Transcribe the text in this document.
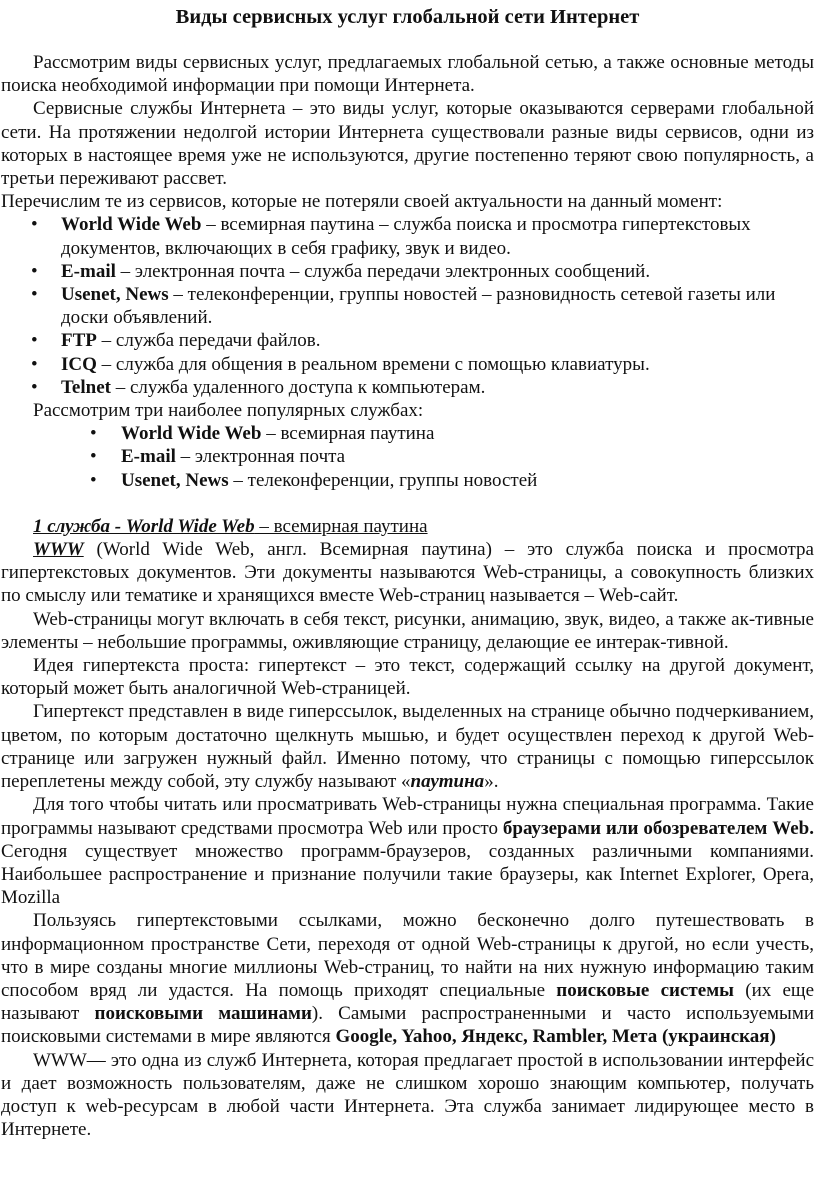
Виды сервисных услуг глобальной сети Интернет

Рассмотрим виды сервисных услуг, предлагаемых глобальной сетью, а также основные методы поиска необходимой информации при помощи Интернета.

Сервисные службы Интернета – это виды услуг, которые оказываются серверами глобальной сети. На протяжении недолгой истории Интернета существовали разные виды сервисов, одни из которых в настоящее время уже не используются, другие постепенно теряют свою популярность, а третьи переживают рассвет.

Перечислим те из сервисов, которые не потеряли своей актуальности на данный момент:

• World Wide Web – всемирная паутина – служба поиска и просмотра гипертекстовых документов, включающих в себя графику, звук и видео.
• E-mail – электронная почта – служба передачи электронных сообщений.
• Usenet, News – телеконференции, группы новостей – разновидность сетевой газеты или доски объявлений.
• FTP – служба передачи файлов.
• ICQ – служба для общения в реальном времени с помощью клавиатуры.
• Telnet – служба удаленного доступа к компьютерам.

Рассмотрим три наиболее популярных службах:

• World Wide Web – всемирная паутина
• E-mail – электронная почта
• Usenet, News – телеконференции, группы новостей

1 служба - World Wide Web – всемирная паутина

WWW (World Wide Web, англ. Всемирная паутина) – это служба поиска и просмотра гипертекстовых документов. Эти документы называются Web-страницы, а совокупность близких по смыслу или тематике и хранящихся вместе Web-страниц называется – Web-сайт.

Web-страницы могут включать в себя текст, рисунки, анимацию, звук, видео, а также ак-тивные элементы – небольшие программы, оживляющие страницу, делающие ее интерак-тивной.

Идея гипертекста проста: гипертекст – это текст, содержащий ссылку на другой документ, который может быть аналогичной Web-страницей.

Гипертекст представлен в виде гиперссылок, выделенных на странице обычно подчеркиванием, цветом, по которым достаточно щелкнуть мышью, и будет осуществлен переход к другой Web-странице или загружен нужный файл. Именно потому, что страницы с помощью гиперссылок переплетены между собой, эту службу называют «паутина».

Для того чтобы читать или просматривать Web-страницы нужна специальная программа. Такие программы называют средствами просмотра Web или просто браузерами или обозревателем Web. Сегодня существует множество программ-браузеров, созданных различными компаниями. Наибольшее распространение и признание получили такие браузеры, как Internet Explorer, Opera, Mozilla

Пользуясь гипертекстовыми ссылками, можно бесконечно долго путешествовать в информационном пространстве Сети, переходя от одной Web-страницы к другой, но если учесть, что в мире созданы многие миллионы Web-страниц, то найти на них нужную информацию таким способом вряд ли удастся. На помощь приходят специальные поисковые системы (их еще называют поисковыми машинами). Самыми распространенными и часто используемыми поисковыми системами в мире являются Google, Yahoo, Яндекс, Rambler, Мета (украинская)

WWW— это одна из служб Интернета, которая предлагает простой в использовании интерфейс и дает возможность пользователям, даже не слишком хорошо знающим компьютер, получать доступ к web-ресурсам в любой части Интернета. Эта служба занимает лидирующее место в Интернете.
